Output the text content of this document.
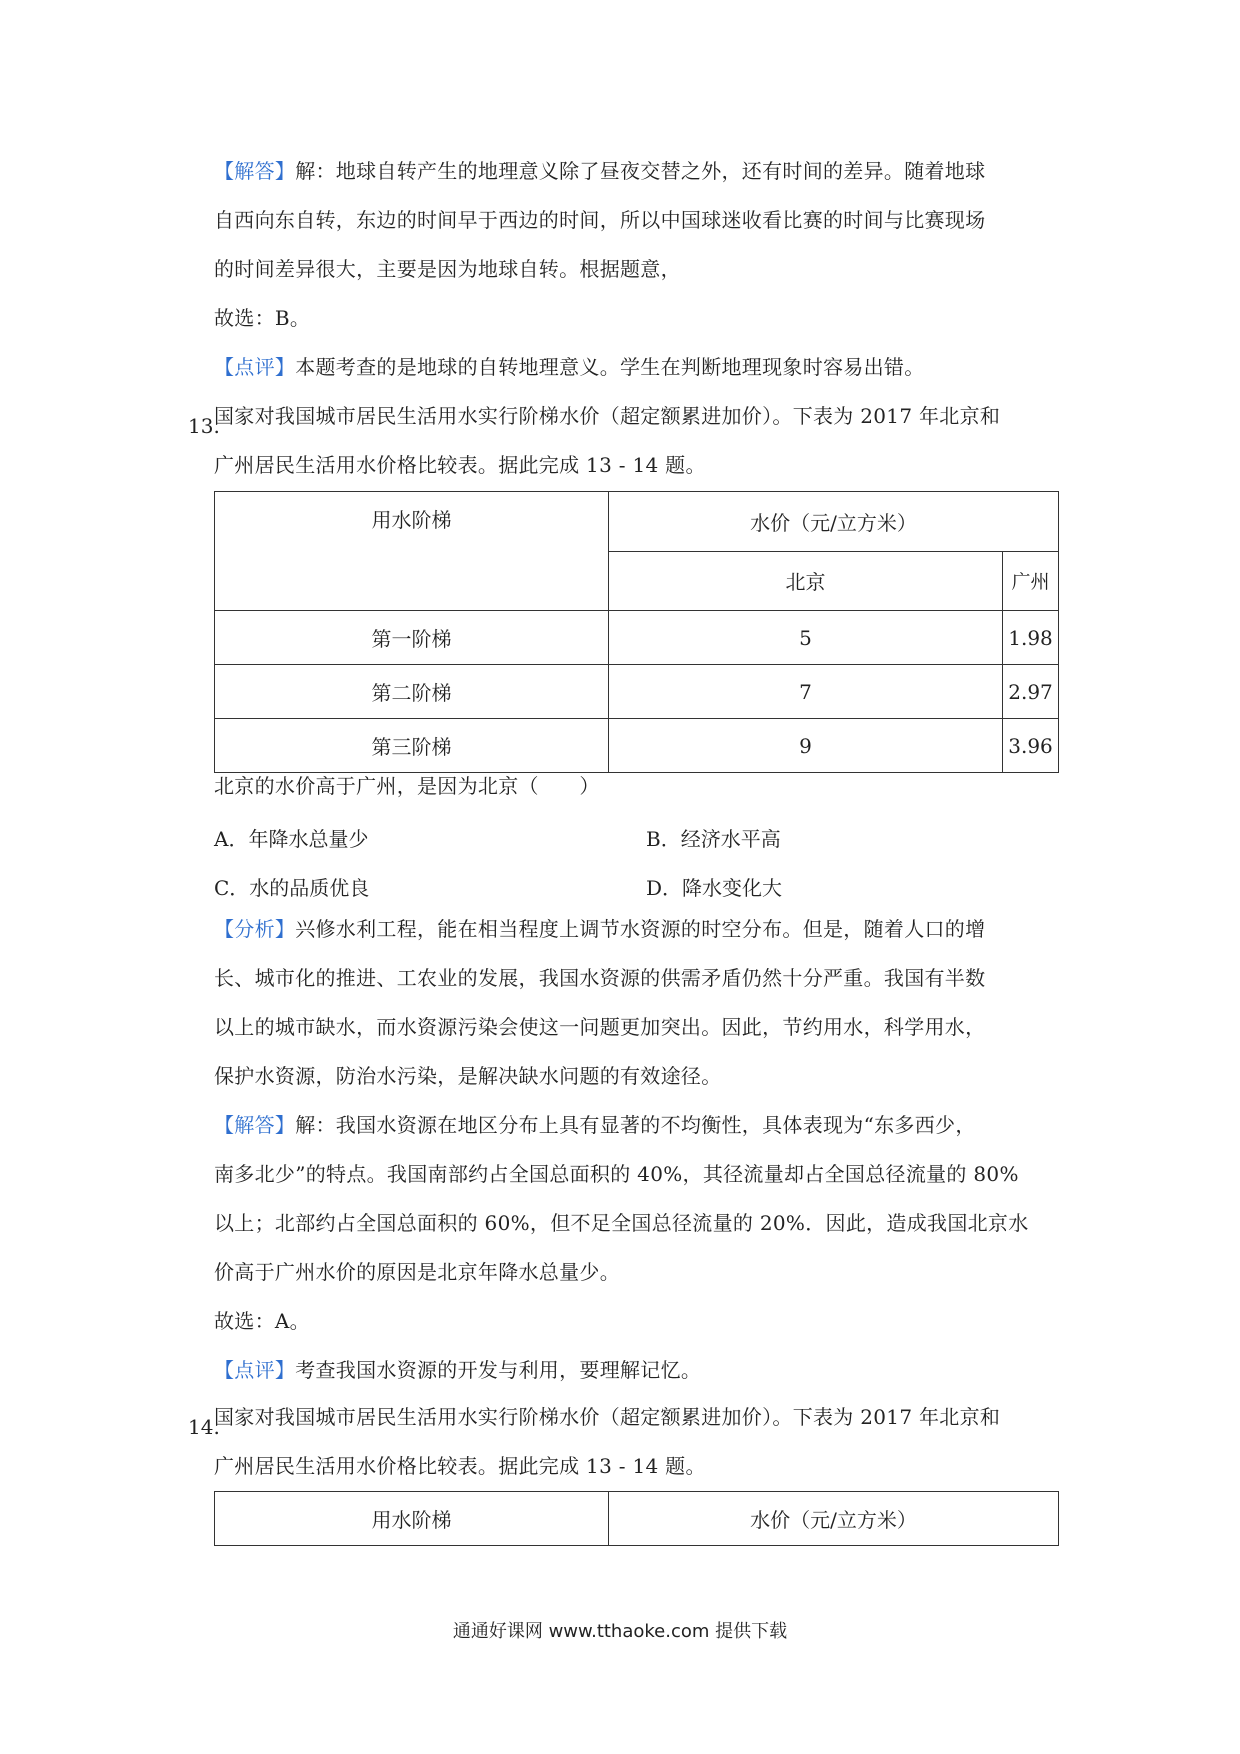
【解答】解：地球自转产生的地理意义除了昼夜交替之外，还有时间的差异。随着地球
自西向东自转，东边的时间早于西边的时间，所以中国球迷收看比赛的时间与比赛现场
的时间差异很大，主要是因为地球自转。根据题意，
故选：B。
【点评】本题考查的是地球的自转地理意义。学生在判断地理现象时容易出错。
13.
国家对我国城市居民生活用水实行阶梯水价（超定额累进加价）。下表为 2017 年北京和
广州居民生活用水价格比较表。据此完成 13 ‐ 14 题。
用水阶梯	水价（元/立方米）	
	北京	广州
第一阶梯	5	1.98
第二阶梯	7	2.97
第三阶梯	9	3.96
北京的水价高于广州，是因为北京（　　）
A．年降水总量少	B．经济水平高
C．水的品质优良	D．降水变化大
【分析】兴修水利工程，能在相当程度上调节水资源的时空分布。但是，随着人口的增
长、城市化的推进、工农业的发展，我国水资源的供需矛盾仍然十分严重。我国有半数
以上的城市缺水，而水资源污染会使这一问题更加突出。因此，节约用水，科学用水，
保护水资源，防治水污染，是解决缺水问题的有效途径。
【解答】解：我国水资源在地区分布上具有显著的不均衡性，具体表现为“东多西少，
南多北少”的特点。我国南部约占全国总面积的 40%，其径流量却占全国总径流量的 80%
以上；北部约占全国总面积的 60%，但不足全国总径流量的 20%．因此，造成我国北京水
价高于广州水价的原因是北京年降水总量少。
故选：A。
【点评】考查我国水资源的开发与利用，要理解记忆。
14.
国家对我国城市居民生活用水实行阶梯水价（超定额累进加价）。下表为 2017 年北京和
广州居民生活用水价格比较表。据此完成 13 ‐ 14 题。
用水阶梯	水价（元/立方米）
通通好课网 www.tthaoke.com 提供下载
